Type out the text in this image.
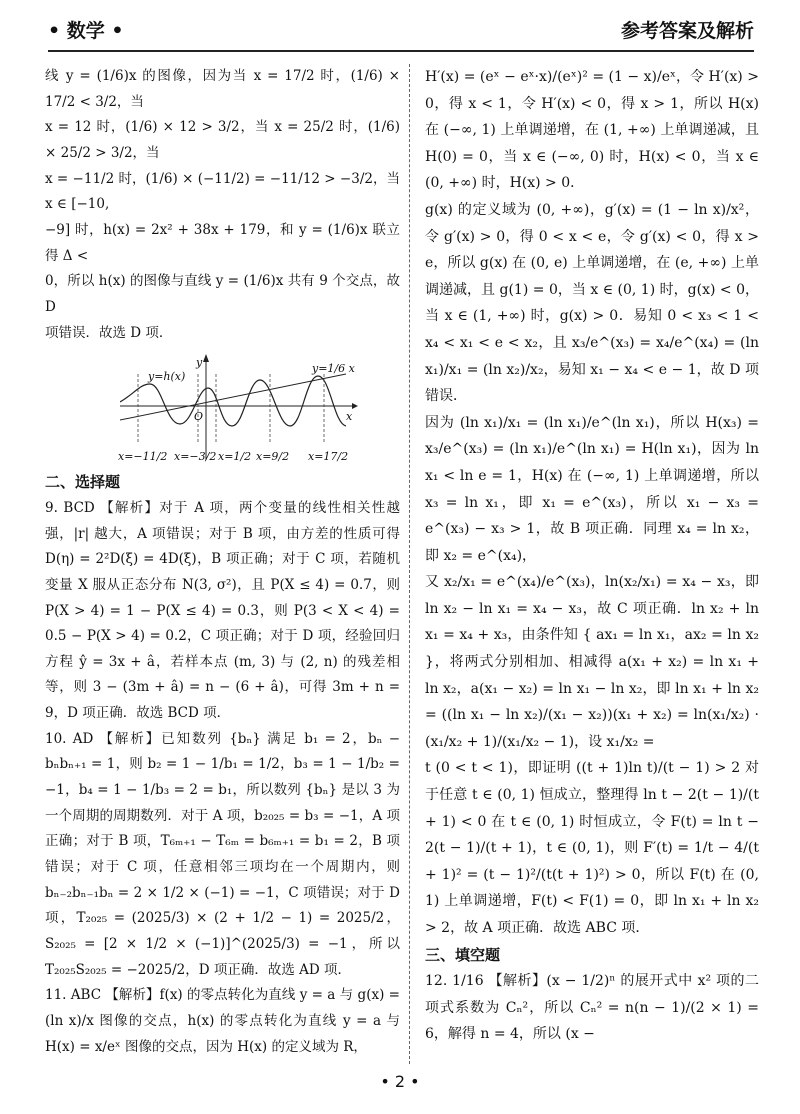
• 数学 •	参考答案及解析
线 y = (1/6)x 的图像，因为当 x = 17/2 时，(1/6) × 17/2 < 3/2，当
x = 12 时，(1/6) × 12 > 3/2，当 x = 25/2 时，(1/6) × 25/2 > 3/2，当
x = −11/2 时，(1/6) × (−11/2) = −11/12 > −3/2，当 x ∈ [−10,
−9] 时，h(x) = 2x² + 38x + 179，和 y = (1/6)x 联立得 Δ <
0，所以 h(x) 的图像与直线 y = (1/6)x 共有 9 个交点，故 D
项错误．故选 D 项．
y
x
y=h(x)
y=1/6 x
O
x=−11/2 x=−3/2 x=1/2 x=9/2 x=17/2
二、选择题
9. BCD 【解析】对于 A 项，两个变量的线性相关性越强，|r| 越大，A 项错误；对于 B 项，由方差的性质可得 D(η) = 2²D(ξ) = 4D(ξ)，B 项正确；对于 C 项，若随机变量 X 服从正态分布 N(3, σ²)，且 P(X ≤ 4) = 0.7，则 P(X > 4) = 1 − P(X ≤ 4) = 0.3，则 P(3 < X < 4) = 0.5 − P(X > 4) = 0.2，C 项正确；对于 D 项，经验回归方程 ŷ = 3x + â，若样本点 (m, 3) 与 (2, n) 的残差相等，则 3 − (3m + â) = n − (6 + â)，可得 3m + n = 9，D 项正确．故选 BCD 项．
10. AD 【解析】已知数列 {bₙ} 满足 b₁ = 2，bₙ − bₙbₙ₊₁ = 1，则 b₂ = 1 − 1/b₁ = 1/2，b₃ = 1 − 1/b₂ = −1，b₄ = 1 − 1/b₃ = 2 = b₁，所以数列 {bₙ} 是以 3 为一个周期的周期数列．对于 A 项，b₂₀₂₅ = b₃ = −1，A 项正确；对于 B 项，T₆ₘ₊₁ − T₆ₘ = b₆ₘ₊₁ = b₁ = 2，B 项错误；对于 C 项，任意相邻三项均在一个周期内，则 bₙ₋₂bₙ₋₁bₙ = 2 × 1/2 × (−1) = −1，C 项错误；对于 D 项，T₂₀₂₅ = (2025/3) × (2 + 1/2 − 1) = 2025/2，S₂₀₂₅ = [2 × 1/2 × (−1)]^(2025/3) = −1，所以 T₂₀₂₅S₂₀₂₅ = −2025/2，D 项正确．故选 AD 项．
11. ABC 【解析】f(x) 的零点转化为直线 y = a 与 g(x) = (ln x)/x 图像的交点，h(x) 的零点转化为直线 y = a 与 H(x) = x/eˣ 图像的交点，因为 H(x) 的定义域为 R，
H′(x) = (eˣ − eˣ·x)/(eˣ)² = (1 − x)/eˣ，令 H′(x) > 0，得 x < 1，令 H′(x) < 0，得 x > 1，所以 H(x) 在 (−∞, 1) 上单调递增，在 (1, +∞) 上单调递减，且 H(0) = 0，当 x ∈ (−∞, 0) 时，H(x) < 0，当 x ∈ (0, +∞) 时，H(x) > 0．
g(x) 的定义域为 (0, +∞)，g′(x) = (1 − ln x)/x²，令 g′(x) > 0，得 0 < x < e，令 g′(x) < 0，得 x > e，所以 g(x) 在 (0, e) 上单调递增，在 (e, +∞) 上单调递减，且 g(1) = 0，当 x ∈ (0, 1) 时，g(x) < 0，当 x ∈ (1, +∞) 时，g(x) > 0．易知 0 < x₃ < 1 < x₄ < x₁ < e < x₂，且 x₃/e^(x₃) = x₄/e^(x₄) = (ln x₁)/x₁ = (ln x₂)/x₂，易知 x₁ − x₄ < e − 1，故 D 项错误．
因为 (ln x₁)/x₁ = (ln x₁)/e^(ln x₁)，所以 H(x₃) = x₃/e^(x₃) = (ln x₁)/e^(ln x₁) = H(ln x₁)，因为 ln x₁ < ln e = 1，H(x) 在 (−∞, 1) 上单调递增，所以 x₃ = ln x₁，即 x₁ = e^(x₃)，所以 x₁ − x₃ = e^(x₃) − x₃ > 1，故 B 项正确．同理 x₄ = ln x₂，即 x₂ = e^(x₄)，
又 x₂/x₁ = e^(x₄)/e^(x₃)，ln(x₂/x₁) = x₄ − x₃，即 ln x₂ − ln x₁ = x₄ − x₃，故 C 项正确．ln x₂ + ln x₁ = x₄ + x₃，由条件知 { ax₁ = ln x₁，ax₂ = ln x₂ }，将两式分别相加、相减得 a(x₁ + x₂) = ln x₁ + ln x₂，a(x₁ − x₂) = ln x₁ − ln x₂，即 ln x₁ + ln x₂ = ((ln x₁ − ln x₂)/(x₁ − x₂))(x₁ + x₂) = ln(x₁/x₂) · (x₁/x₂ + 1)/(x₁/x₂ − 1)，设 x₁/x₂ =
t (0 < t < 1)，即证明 ((t + 1)ln t)/(t − 1) > 2 对于任意 t ∈ (0, 1) 恒成立，整理得 ln t − 2(t − 1)/(t + 1) < 0 在 t ∈ (0, 1) 时恒成立，令 F(t) = ln t − 2(t − 1)/(t + 1)，t ∈ (0, 1)，则 F′(t) = 1/t − 4/(t + 1)² = (t − 1)²/(t(t + 1)²) > 0，所以 F(t) 在 (0, 1) 上单调递增，F(t) < F(1) = 0，即 ln x₁ + ln x₂ > 2，故 A 项正确．故选 ABC 项．
三、填空题
12. 1/16 【解析】(x − 1/2)ⁿ 的展开式中 x² 项的二项式系数为 Cₙ²，所以 Cₙ² = n(n − 1)/(2 × 1) = 6，解得 n = 4，所以 (x −
• 2 •
